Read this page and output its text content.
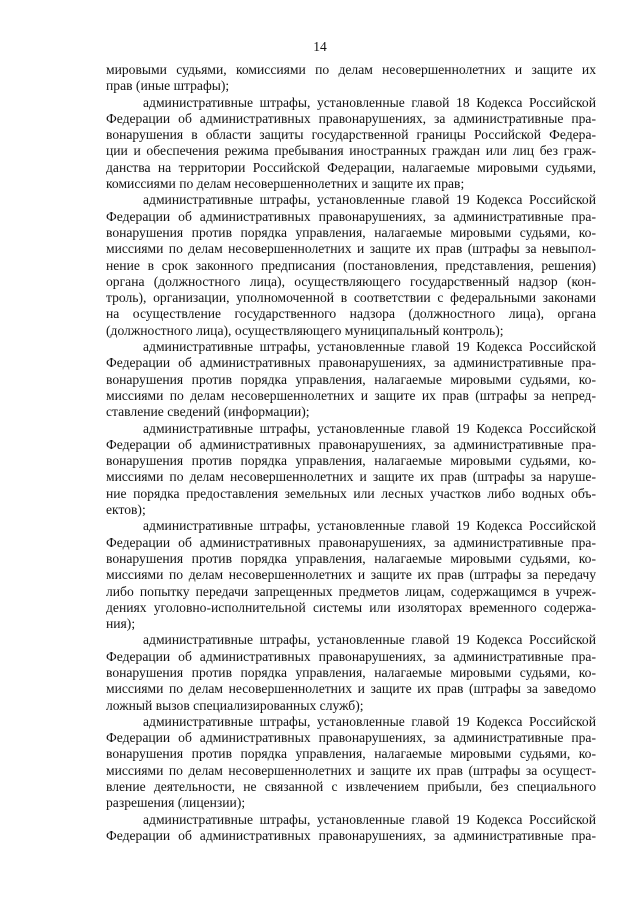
14
мировыми судьями, комиссиями по делам несовершеннолетних и защите их
прав (иные штрафы);
административные штрафы, установленные главой 18 Кодекса Российской
Федерации об административных правонарушениях, за административные пра-
вонарушения в области защиты государственной границы Российской Федера-
ции и обеспечения режима пребывания иностранных граждан или лиц без граж-
данства на территории Российской Федерации, налагаемые мировыми судьями,
комиссиями по делам несовершеннолетних и защите их прав;
административные штрафы, установленные главой 19 Кодекса Российской
Федерации об административных правонарушениях, за административные пра-
вонарушения против порядка управления, налагаемые мировыми судьями, ко-
миссиями по делам несовершеннолетних и защите их прав (штрафы за невыпол-
нение в срок законного предписания (постановления, представления, решения)
органа (должностного лица), осуществляющего государственный надзор (кон-
троль), организации, уполномоченной в соответствии с федеральными законами
на осуществление государственного надзора (должностного лица), органа
(должностного лица), осуществляющего муниципальный контроль);
административные штрафы, установленные главой 19 Кодекса Российской
Федерации об административных правонарушениях, за административные пра-
вонарушения против порядка управления, налагаемые мировыми судьями, ко-
миссиями по делам несовершеннолетних и защите их прав (штрафы за непред-
ставление сведений (информации);
административные штрафы, установленные главой 19 Кодекса Российской
Федерации об административных правонарушениях, за административные пра-
вонарушения против порядка управления, налагаемые мировыми судьями, ко-
миссиями по делам несовершеннолетних и защите их прав (штрафы за наруше-
ние порядка предоставления земельных или лесных участков либо водных объ-
ектов);
административные штрафы, установленные главой 19 Кодекса Российской
Федерации об административных правонарушениях, за административные пра-
вонарушения против порядка управления, налагаемые мировыми судьями, ко-
миссиями по делам несовершеннолетних и защите их прав (штрафы за передачу
либо попытку передачи запрещенных предметов лицам, содержащимся в учреж-
дениях уголовно-исполнительной системы или изоляторах временного содержа-
ния);
административные штрафы, установленные главой 19 Кодекса Российской
Федерации об административных правонарушениях, за административные пра-
вонарушения против порядка управления, налагаемые мировыми судьями, ко-
миссиями по делам несовершеннолетних и защите их прав (штрафы за заведомо
ложный вызов специализированных служб);
административные штрафы, установленные главой 19 Кодекса Российской
Федерации об административных правонарушениях, за административные пра-
вонарушения против порядка управления, налагаемые мировыми судьями, ко-
миссиями по делам несовершеннолетних и защите их прав (штрафы за осущест-
вление деятельности, не связанной с извлечением прибыли, без специального
разрешения (лицензии);
административные штрафы, установленные главой 19 Кодекса Российской
Федерации об административных правонарушениях, за административные пра-
